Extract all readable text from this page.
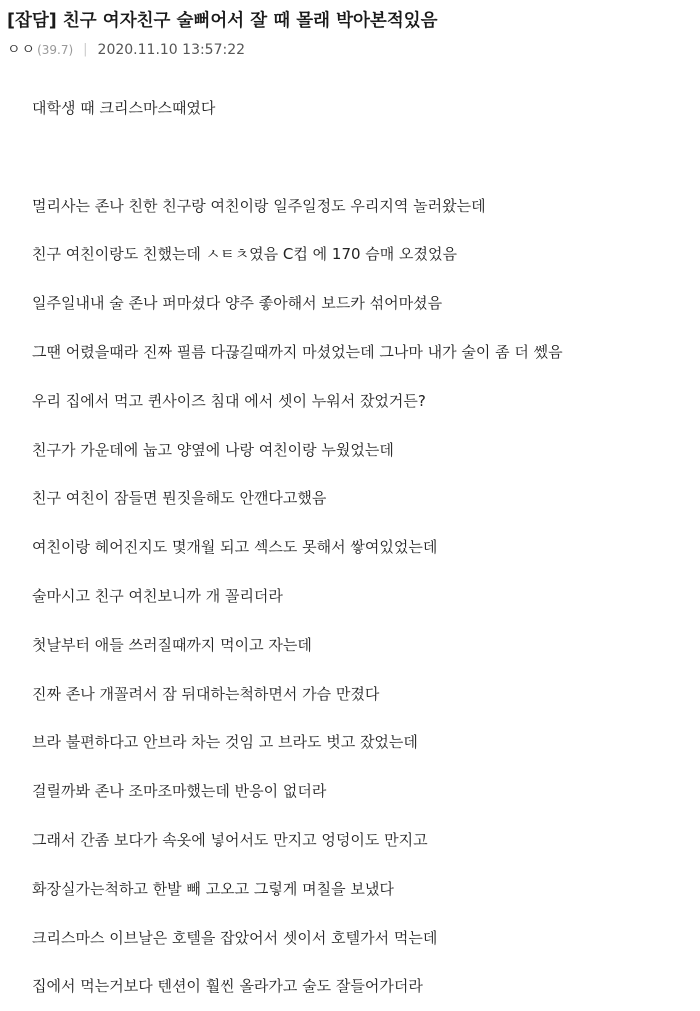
[잡담] 친구 여자친구 술뻐어서 잘 때 몰래 박아본적있음
ㅇㅇ (39.7) | 2020.11.10 13:57:22
대학생 때 크리스마스때였다
멀리사는 존나 친한 친구랑 여친이랑 일주일정도 우리지역 놀러왔는데
친구 여친이랑도 친했는데 ㅅㅌㅊ였음 C컵 에 170 슴매 오졌었음
일주일내내 술 존나 퍼마셨다 양주 좋아해서 보드카 섞어마셨음
그땐 어렸을때라 진짜 필름 다끊길때까지 마셨었는데 그나마 내가 술이 좀 더 쎘음
우리 집에서 먹고 퀸사이즈 침대 에서 셋이 누워서 잤었거든?
친구가 가운데에 눕고 양옆에 나랑 여친이랑 누웠었는데
친구 여친이 잠들면 뭔짓을해도 안깬다고했음
여친이랑 헤어진지도 몇개월 되고 섹스도 못해서 쌓여있었는데
술마시고 친구 여친보니까 개 꼴리더라
첫날부터 애들 쓰러질때까지 먹이고 자는데
진짜 존나 개꼴려서 잠 뒤대하는척하면서 가슴 만졌다
브라 불편하다고 안브라 차는 것임 고 브라도 벗고 잤었는데
걸릴까봐 존나 조마조마했는데 반응이 없더라
그래서 간좀 보다가 속옷에 넣어서도 만지고 엉덩이도 만지고
화장실가는척하고 한발 빼 고오고 그렇게 며칠을 보냈다
크리스마스 이브날은 호텔을 잡았어서 셋이서 호텔가서 먹는데
집에서 먹는거보다 텐션이 훨씬 올라가고 술도 잘들어가더라
